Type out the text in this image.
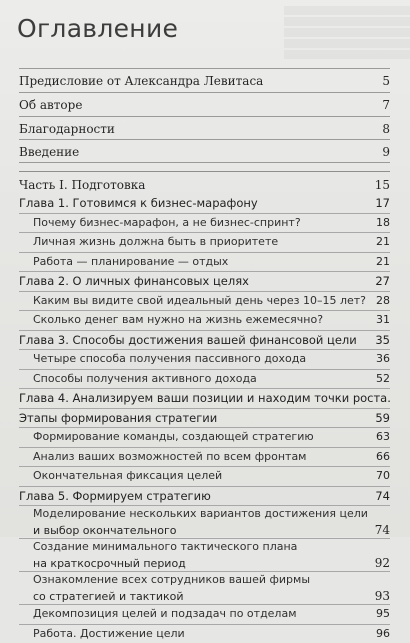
Оглавление
Предисловие от Александра Левитаса	5
Об авторе	7
Благодарности	8
Введение	9
Часть I. Подготовка	15
Глава 1. Готовимся к бизнес-марафону	17
Почему бизнес-марафон, а не бизнес-спринт?	18
Личная жизнь должна быть в приоритете	21
Работа — планирование — отдых	21
Глава 2. О личных финансовых целях	27
Каким вы видите свой идеальный день через 10–15 лет? 28
Сколько денег вам нужно на жизнь ежемесячно?	31
Глава 3. Способы достижения вашей финансовой цели	35
Четыре способа получения пассивного дохода	36
Способы получения активного дохода	52
Глава 4. Анализируем ваши позиции и находим точки роста.
Этапы формирования стратегии	59
Формирование команды, создающей стратегию	63
Анализ ваших возможностей по всем фронтам	66
Окончательная фиксация целей	70
Глава 5. Формируем стратегию	74
Моделирование нескольких вариантов достижения цели
и выбор окончательного	74
Создание минимального тактического плана
на краткосрочный период	92
Ознакомление всех сотрудников вашей фирмы
со стратегией и тактикой	93
Декомпозиция целей и подзадач по отделам	95
Работа. Достижение цели	96
